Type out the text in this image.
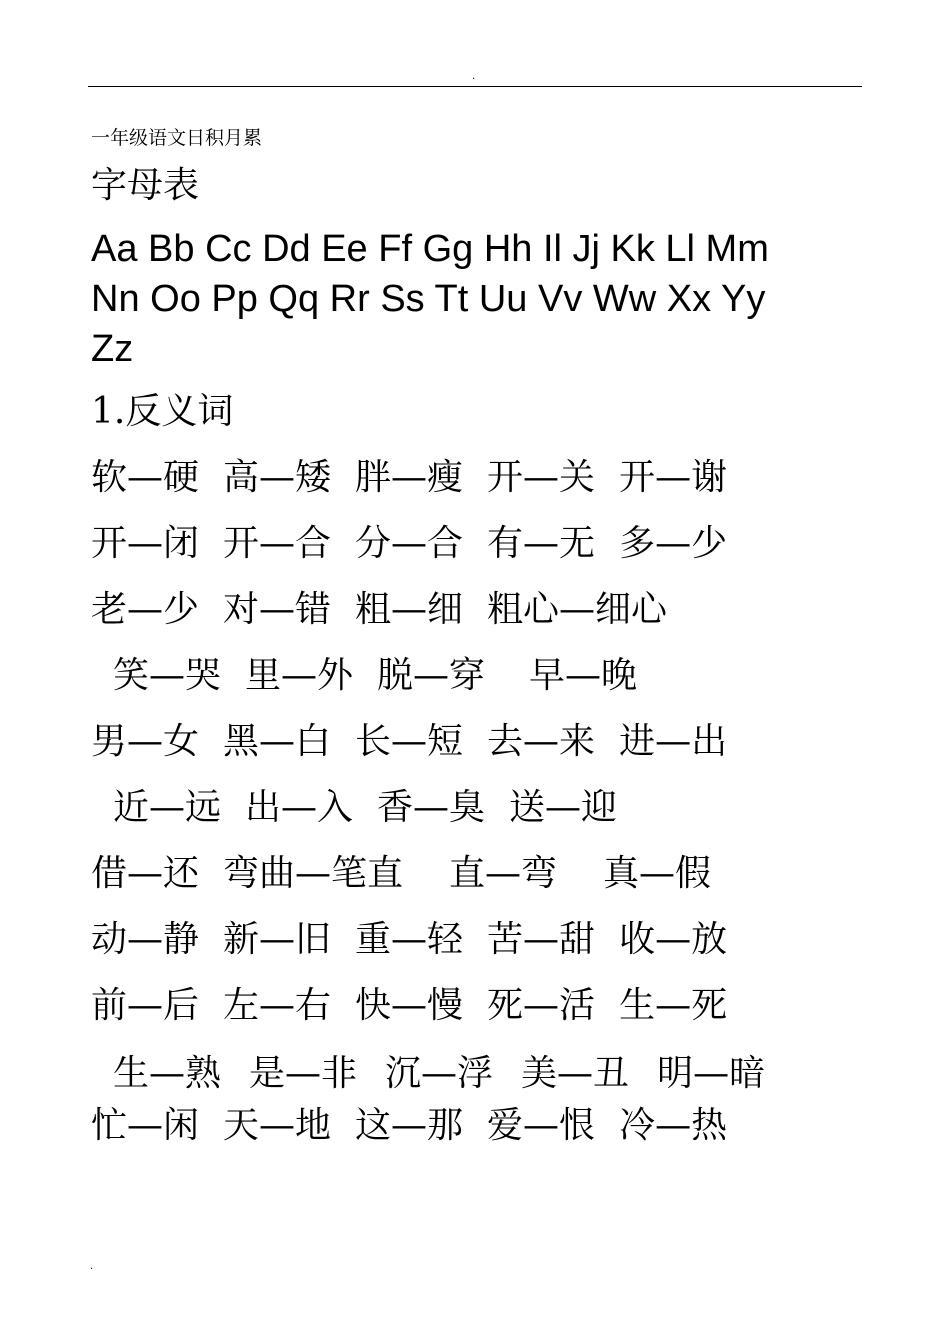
.
一年级语文日积月累
字母表
Aa Bb Cc Dd Ee Ff Gg Hh Il Jj Kk Ll Mm
Nn Oo Pp Qq Rr Ss Tt Uu Vv Ww Xx Yy
Zz
1.反义词
软—硬 高—矮 胖—瘦 开—关 开—谢
开—闭 开—合 分—合 有—无 多—少
老—少 对—错 粗—细 粗心—细心
笑—哭 里—外 脱—穿 早—晚
男—女 黑—白 长—短 去—来 进—出
近—远 出—入 香—臭 送—迎
借—还 弯曲—笔直 直—弯 真—假
动—静 新—旧 重—轻 苦—甜 收—放
前—后 左—右 快—慢 死—活 生—死
生—熟 是—非 沉—浮 美—丑 明—暗
忙—闲 天—地 这—那 爱—恨 冷—热
.
